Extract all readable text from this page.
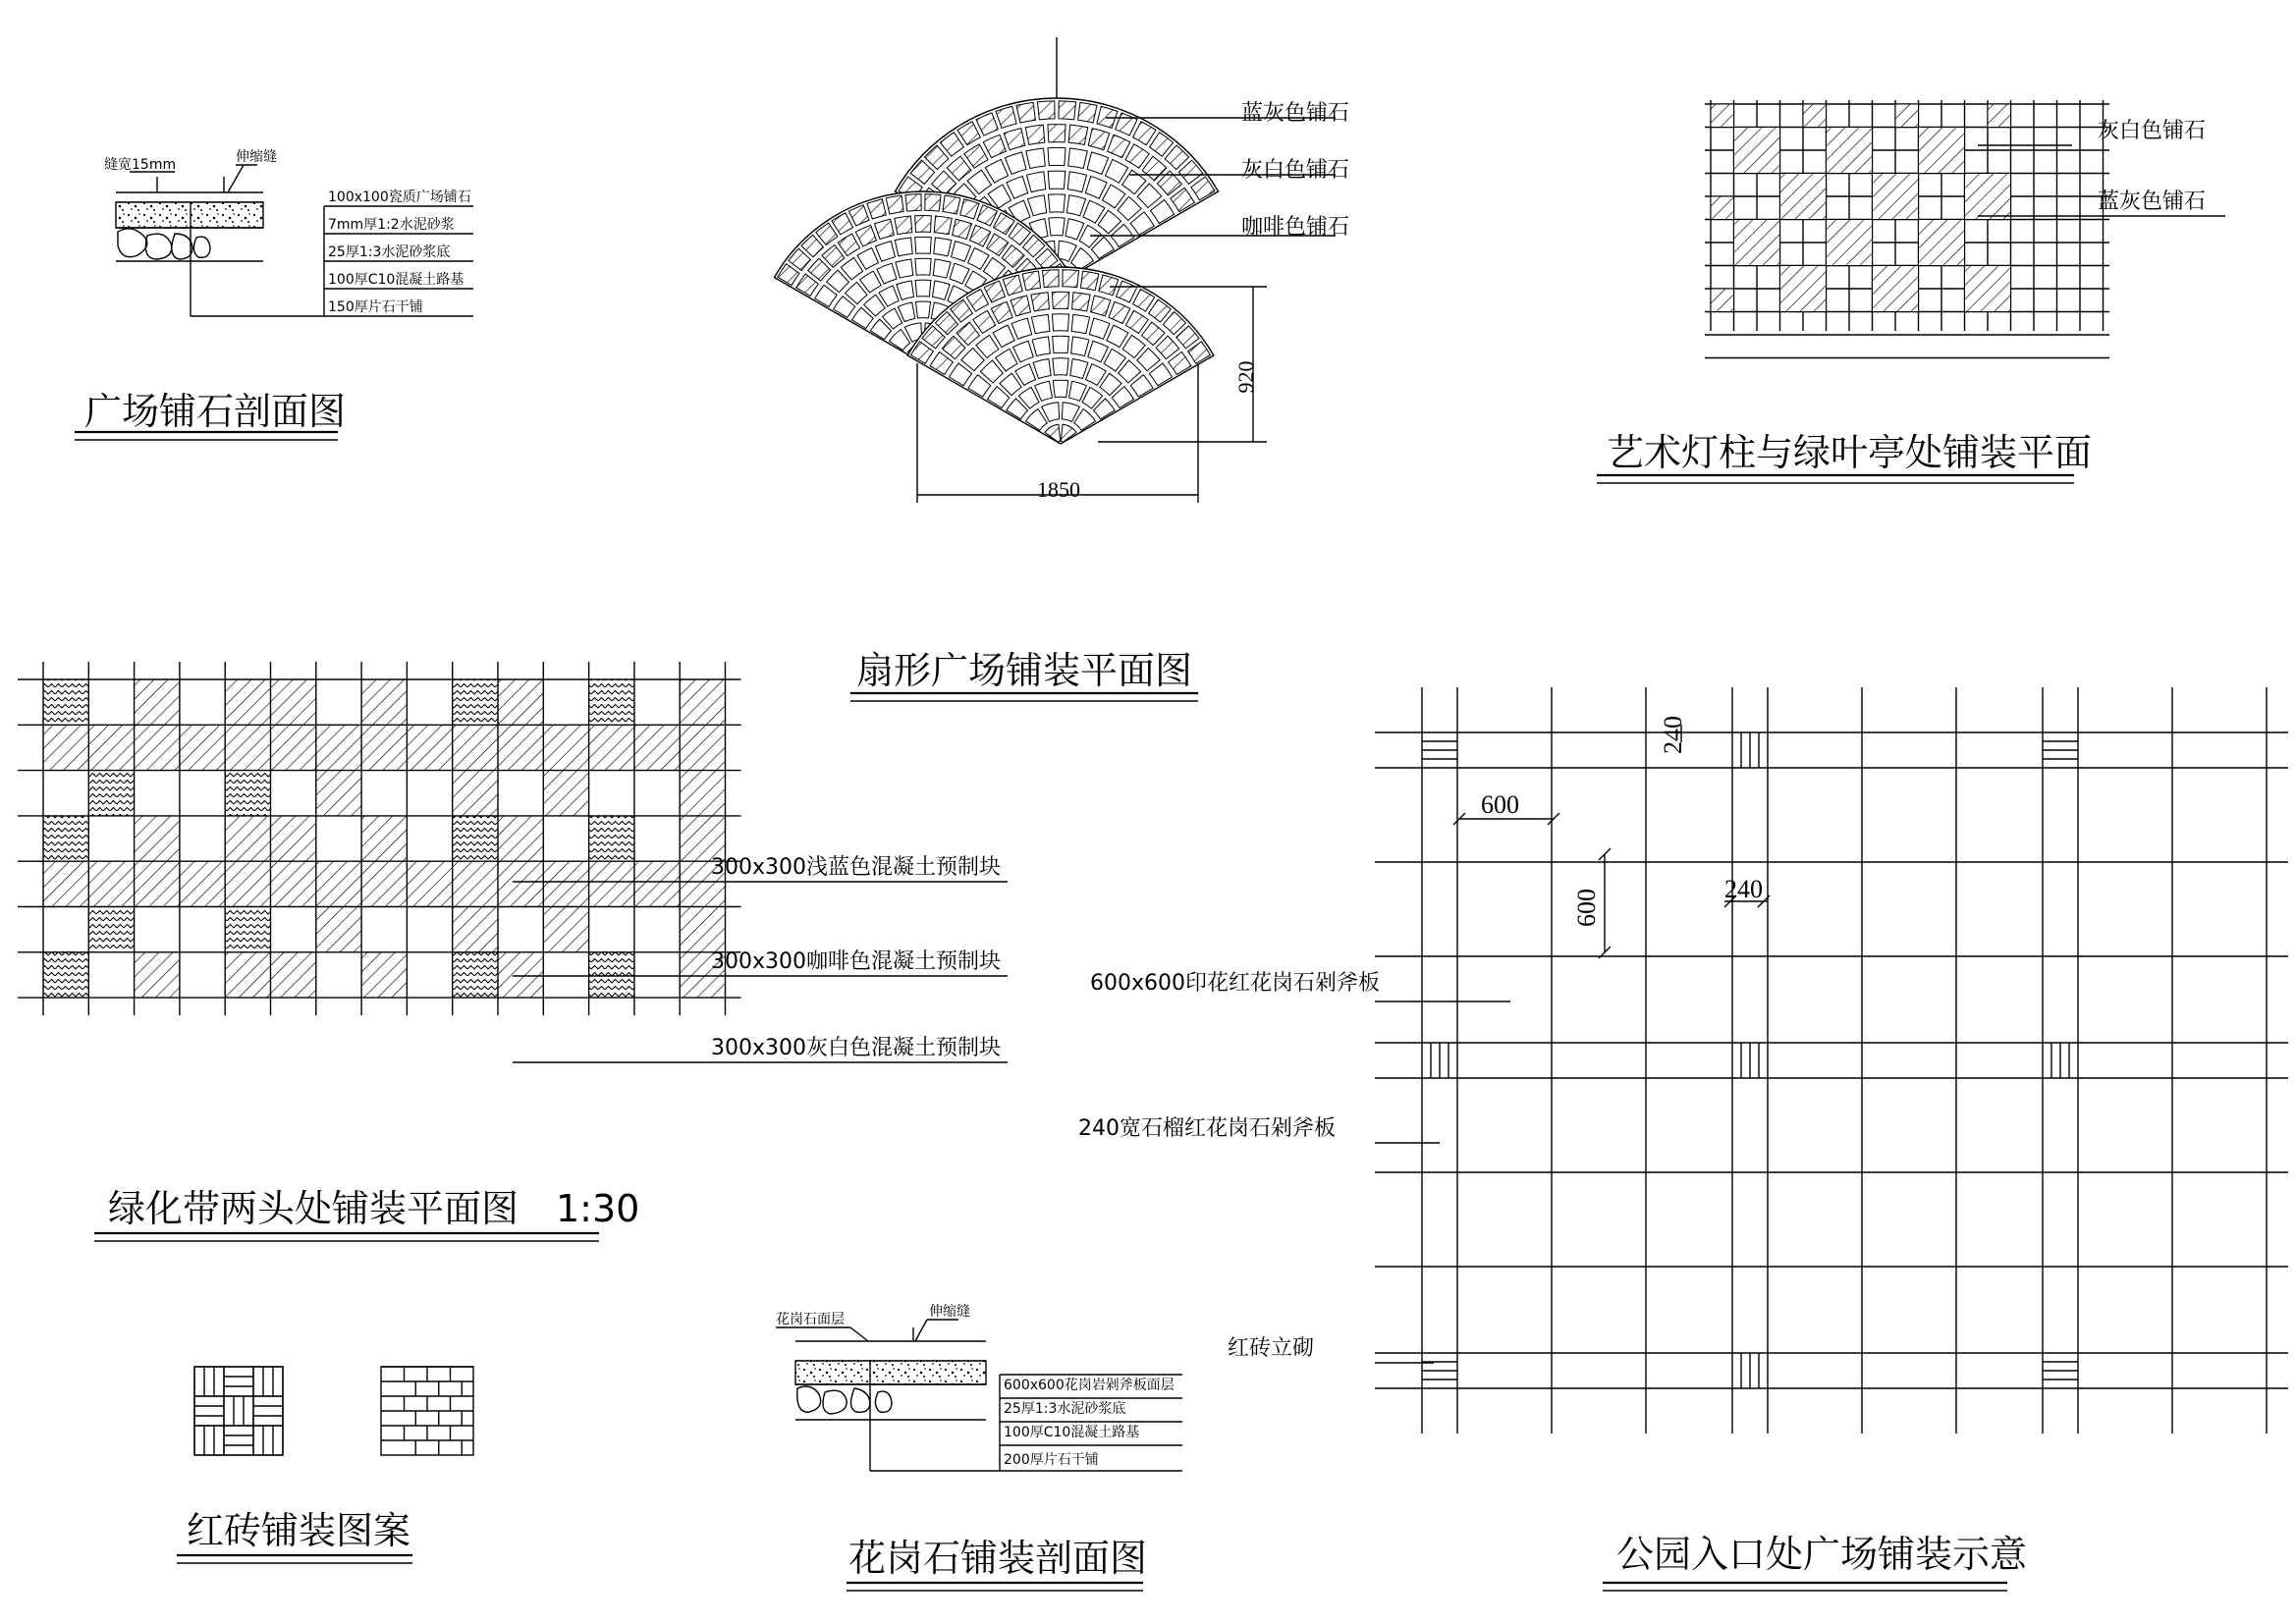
缝宽15mm	伸缩缝
100x100瓷质广场铺石
7mm厚1:2水泥砂浆
25厚1:3水泥砂浆底
100厚C10混凝土路基
150厚片石干铺
广场铺石剖面图
蓝灰色铺石
灰白色铺石
咖啡色铺石
920
1850
扇形广场铺装平面图
灰白色铺石
蓝灰色铺石
艺术灯柱与绿叶亭处铺装平面
300x300浅蓝色混凝土预制块
300x300咖啡色混凝土预制块
300x300灰白色混凝土预制块
绿化带两头处铺装平面图　1:30
红砖铺装图案
花岗石面层	伸缩缝
600x600花岗岩剁斧板面层
25厚1:3水泥砂浆底
100厚C10混凝土路基
200厚片石干铺
花岗石铺装剖面图
240
600
600	240
600x600印花红花岗石剁斧板
240宽石榴红花岗石剁斧板
红砖立砌
公园入口处广场铺装示意
